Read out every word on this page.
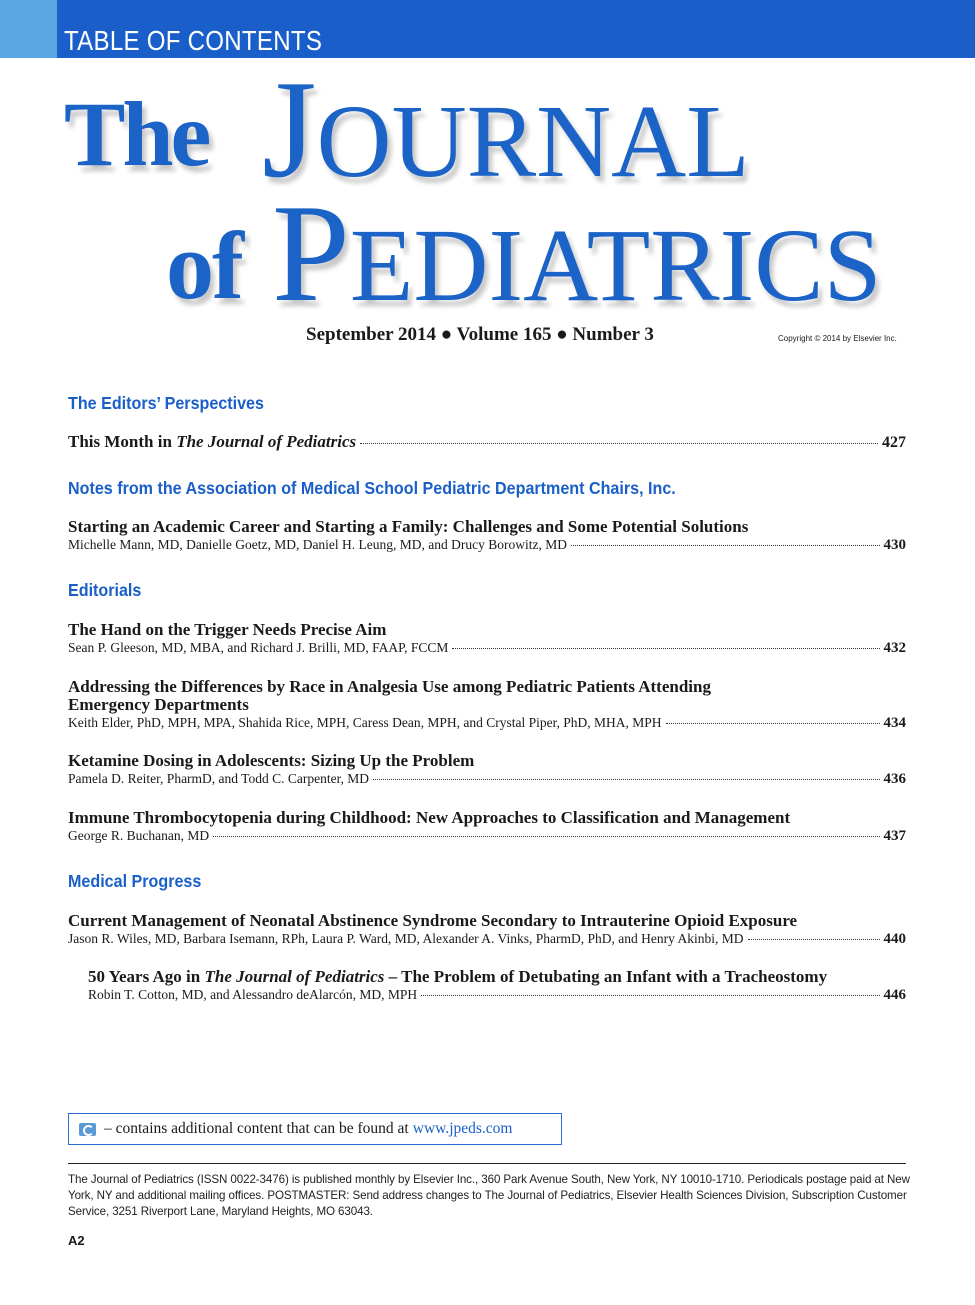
TABLE OF CONTENTS
The JOURNAL
of PEDIATRICS
September 2014 ● Volume 165 ● Number 3	Copyright © 2014 by Elsevier Inc.
The Editors’ Perspectives
This Month in The Journal of Pediatrics	427
Notes from the Association of Medical School Pediatric Department Chairs, Inc.
Starting an Academic Career and Starting a Family: Challenges and Some Potential Solutions
Michelle Mann, MD, Danielle Goetz, MD, Daniel H. Leung, MD, and Drucy Borowitz, MD	430
Editorials
The Hand on the Trigger Needs Precise Aim
Sean P. Gleeson, MD, MBA, and Richard J. Brilli, MD, FAAP, FCCM	432
Addressing the Differences by Race in Analgesia Use among Pediatric Patients Attending
Emergency Departments
Keith Elder, PhD, MPH, MPA, Shahida Rice, MPH, Caress Dean, MPH, and Crystal Piper, PhD, MHA, MPH	434
Ketamine Dosing in Adolescents: Sizing Up the Problem
Pamela D. Reiter, PharmD, and Todd C. Carpenter, MD	436
Immune Thrombocytopenia during Childhood: New Approaches to Classification and Management
George R. Buchanan, MD	437
Medical Progress
Current Management of Neonatal Abstinence Syndrome Secondary to Intrauterine Opioid Exposure
Jason R. Wiles, MD, Barbara Isemann, RPh, Laura P. Ward, MD, Alexander A. Vinks, PharmD, PhD, and Henry Akinbi, MD	440
50 Years Ago in The Journal of Pediatrics – The Problem of Detubating an Infant with a Tracheostomy
Robin T. Cotton, MD, and Alessandro deAlarcón, MD, MPH	446
– contains additional content that can be found at www.jpeds.com
The Journal of Pediatrics (ISSN 0022-3476) is published monthly by Elsevier Inc., 360 Park Avenue South, New York, NY 10010-1710. Periodicals postage paid at New York, NY and additional mailing offices. POSTMASTER: Send address changes to The Journal of Pediatrics, Elsevier Health Sciences Division, Subscription Customer Service, 3251 Riverport Lane, Maryland Heights, MO 63043.
A2
